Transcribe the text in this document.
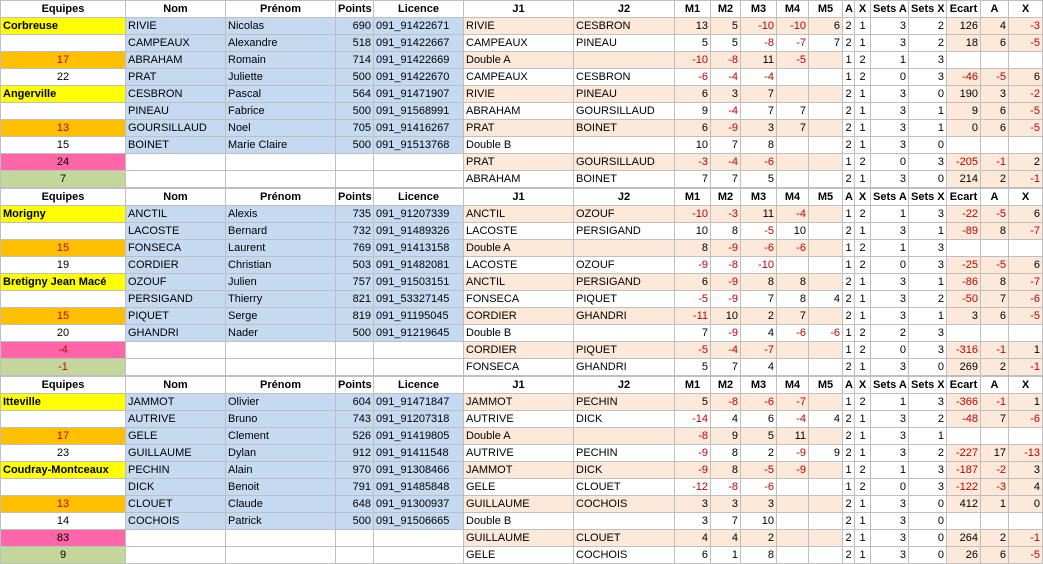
Equipes	Nom	Prénom	Points	Licence	J1	J2	M1	M2	M3	M4	M5	A	X	Sets A	Sets X	Ecart	A	X
Corbreuse	RIVIE	Nicolas	690	091_91422671	RIVIE	CESBRON	13	5	-10	-10	6	2	1	3	2	126	4	-3
	CAMPEAUX	Alexandre	518	091_91422667	CAMPEAUX	PINEAU	5	5	-8	-7	7	2	1	3	2	18	6	-5
17	ABRAHAM	Romain	714	091_91422669	Double A		-10	-8	11	-5		1	2	1	3			
22	PRAT	Juliette	500	091_91422670	CAMPEAUX	CESBRON	-6	-4	-4			1	2	0	3	-46	-5	6
Angerville	CESBRON	Pascal	564	091_91471907	RIVIE	PINEAU	6	3	7			2	1	3	0	190	3	-2
	PINEAU	Fabrice	500	091_91568991	ABRAHAM	GOURSILLAUD	9	-4	7	7		2	1	3	1	9	6	-5
13	GOURSILLAUD	Noel	705	091_91416267	PRAT	BOINET	6	-9	3	7		2	1	3	1	0	6	-5
15	BOINET	Marie Claire	500	091_91513768	Double B		10	7	8			2	1	3	0			
24					PRAT	GOURSILLAUD	-3	-4	-6			1	2	0	3	-205	-1	2
7					ABRAHAM	BOINET	7	7	5			2	1	3	0	214	2	-1
Equipes	Nom	Prénom	Points	Licence	J1	J2	M1	M2	M3	M4	M5	A	X	Sets A	Sets X	Ecart	A	X
Morigny	ANCTIL	Alexis	735	091_91207339	ANCTIL	OZOUF	-10	-3	11	-4		1	2	1	3	-22	-5	6
	LACOSTE	Bernard	732	091_91489326	LACOSTE	PERSIGAND	10	8	-5	10		2	1	3	1	-89	8	-7
15	FONSECA	Laurent	769	091_91413158	Double A		8	-9	-6	-6		1	2	1	3			
19	CORDIER	Christian	503	091_91482081	LACOSTE	OZOUF	-9	-8	-10			1	2	0	3	-25	-5	6
Bretigny Jean Macé	OZOUF	Julien	757	091_91503151	ANCTIL	PERSIGAND	6	-9	8	8		2	1	3	1	-86	8	-7
	PERSIGAND	Thierry	821	091_53327145	FONSECA	PIQUET	-5	-9	7	8	4	2	1	3	2	-50	7	-6
15	PIQUET	Serge	819	091_91195045	CORDIER	GHANDRI	-11	10	2	7		2	1	3	1	3	6	-5
20	GHANDRI	Nader	500	091_91219645	Double B		7	-9	4	-6	-6	1	2	2	3			
-4					CORDIER	PIQUET	-5	-4	-7			1	2	0	3	-316	-1	1
-1					FONSECA	GHANDRI	5	7	4			2	1	3	0	269	2	-1
Equipes	Nom	Prénom	Points	Licence	J1	J2	M1	M2	M3	M4	M5	A	X	Sets A	Sets X	Ecart	A	X
Itteville	JAMMOT	Olivier	604	091_91471847	JAMMOT	PECHIN	5	-8	-6	-7		1	2	1	3	-366	-1	1
	AUTRIVE	Bruno	743	091_91207318	AUTRIVE	DICK	-14	4	6	-4	4	2	1	3	2	-48	7	-6
17	GELE	Clement	526	091_91419805	Double A		-8	9	5	11		2	1	3	1			
23	GUILLAUME	Dylan	912	091_91411548	AUTRIVE	PECHIN	-9	8	2	-9	9	2	1	3	2	-227	17	-13
Coudray-Montceaux	PECHIN	Alain	970	091_91308466	JAMMOT	DICK	-9	8	-5	-9		1	2	1	3	-187	-2	3
	DICK	Benoit	791	091_91485848	GELE	CLOUET	-12	-8	-6			1	2	0	3	-122	-3	4
13	CLOUET	Claude	648	091_91300937	GUILLAUME	COCHOIS	3	3	3			2	1	3	0	412	1	0
14	COCHOIS	Patrick	500	091_91506665	Double B		3	7	10			2	1	3	0			
83					GUILLAUME	CLOUET	4	4	2			2	1	3	0	264	2	-1
9					GELE	COCHOIS	6	1	8			2	1	3	0	26	6	-5
